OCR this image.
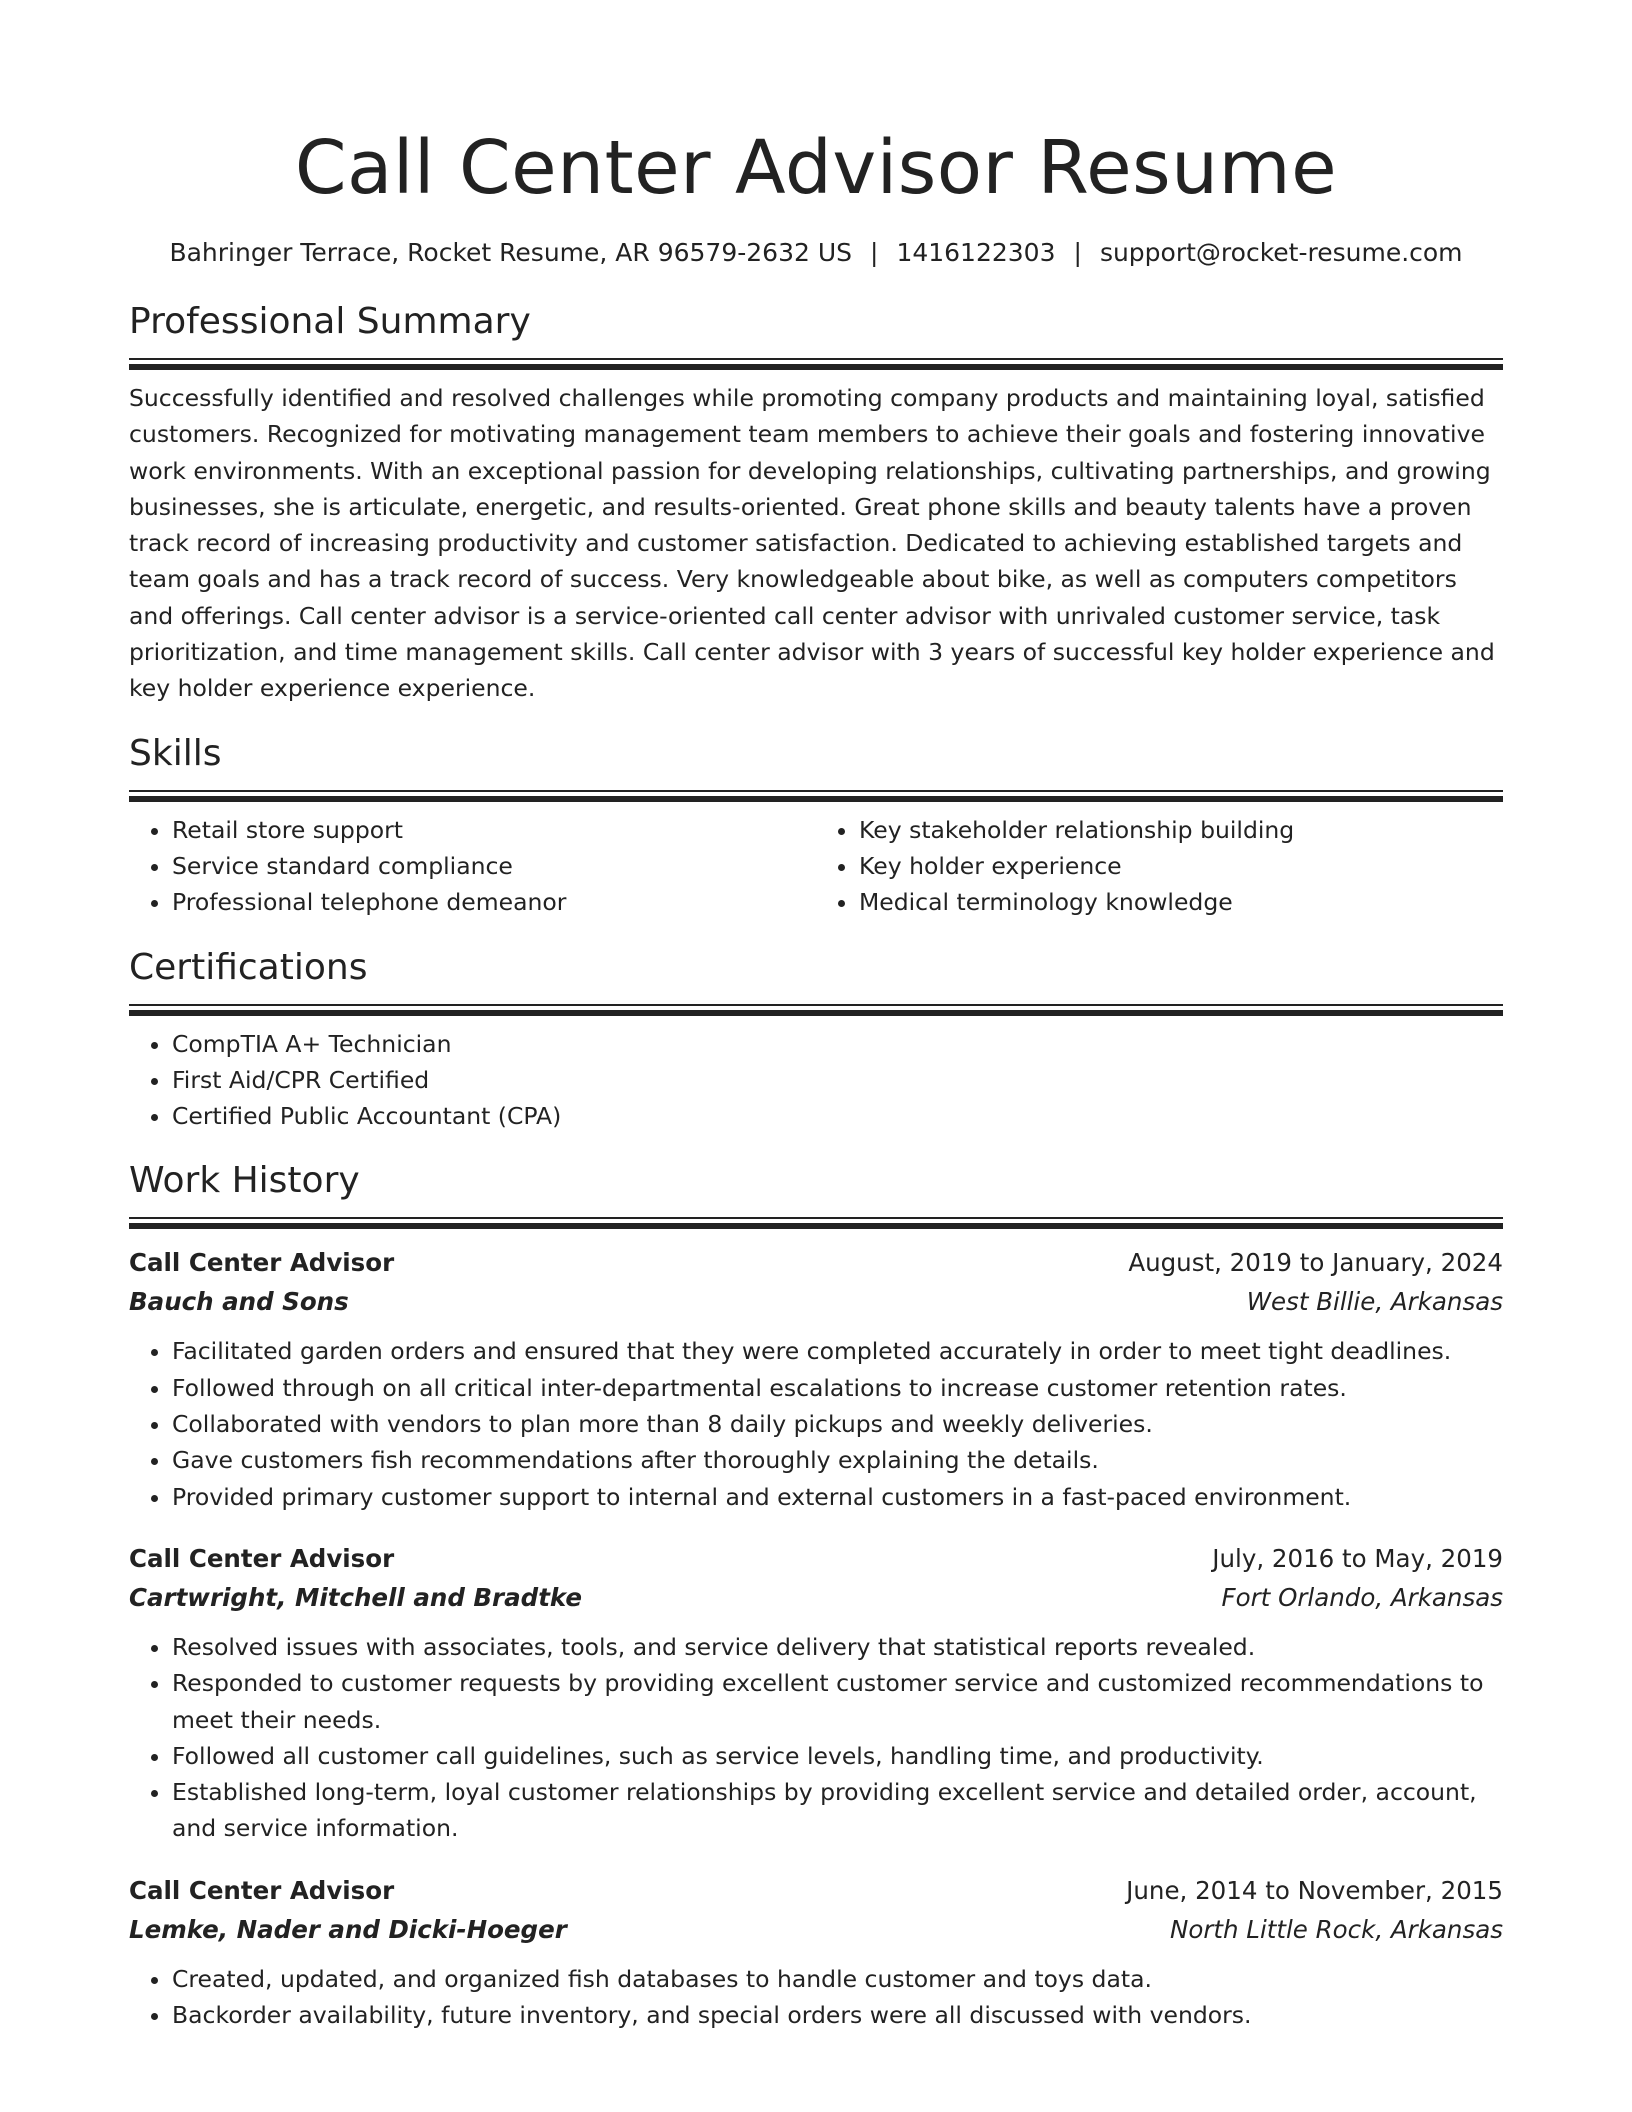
Call Center Advisor Resume
Bahringer Terrace, Rocket Resume, AR 96579-2632 US | 1416122303 | support@rocket-resume.com
Professional Summary
Successfully identified and resolved challenges while promoting company products and maintaining loyal, satisfied customers. Recognized for motivating management team members to achieve their goals and fostering innovative work environments. With an exceptional passion for developing relationships, cultivating partnerships, and growing businesses, she is articulate, energetic, and results-oriented. Great phone skills and beauty talents have a proven track record of increasing productivity and customer satisfaction. Dedicated to achieving established targets and team goals and has a track record of success. Very knowledgeable about bike, as well as computers competitors and offerings. Call center advisor is a service-oriented call center advisor with unrivaled customer service, task prioritization, and time management skills. Call center advisor with 3 years of successful key holder experience and key holder experience experience.
Skills
• Retail store support
• Service standard compliance
• Professional telephone demeanor
• Key stakeholder relationship building
• Key holder experience
• Medical terminology knowledge
Certifications
• CompTIA A+ Technician
• First Aid/CPR Certified
• Certified Public Accountant (CPA)
Work History
Call Center Advisor	August, 2019 to January, 2024
Bauch and Sons	West Billie, Arkansas
• Facilitated garden orders and ensured that they were completed accurately in order to meet tight deadlines.
• Followed through on all critical inter-departmental escalations to increase customer retention rates.
• Collaborated with vendors to plan more than 8 daily pickups and weekly deliveries.
• Gave customers fish recommendations after thoroughly explaining the details.
• Provided primary customer support to internal and external customers in a fast-paced environment.
Call Center Advisor	July, 2016 to May, 2019
Cartwright, Mitchell and Bradtke	Fort Orlando, Arkansas
• Resolved issues with associates, tools, and service delivery that statistical reports revealed.
• Responded to customer requests by providing excellent customer service and customized recommendations to meet their needs.
• Followed all customer call guidelines, such as service levels, handling time, and productivity.
• Established long-term, loyal customer relationships by providing excellent service and detailed order, account, and service information.
Call Center Advisor	June, 2014 to November, 2015
Lemke, Nader and Dicki-Hoeger	North Little Rock, Arkansas
• Created, updated, and organized fish databases to handle customer and toys data.
• Backorder availability, future inventory, and special orders were all discussed with vendors.
